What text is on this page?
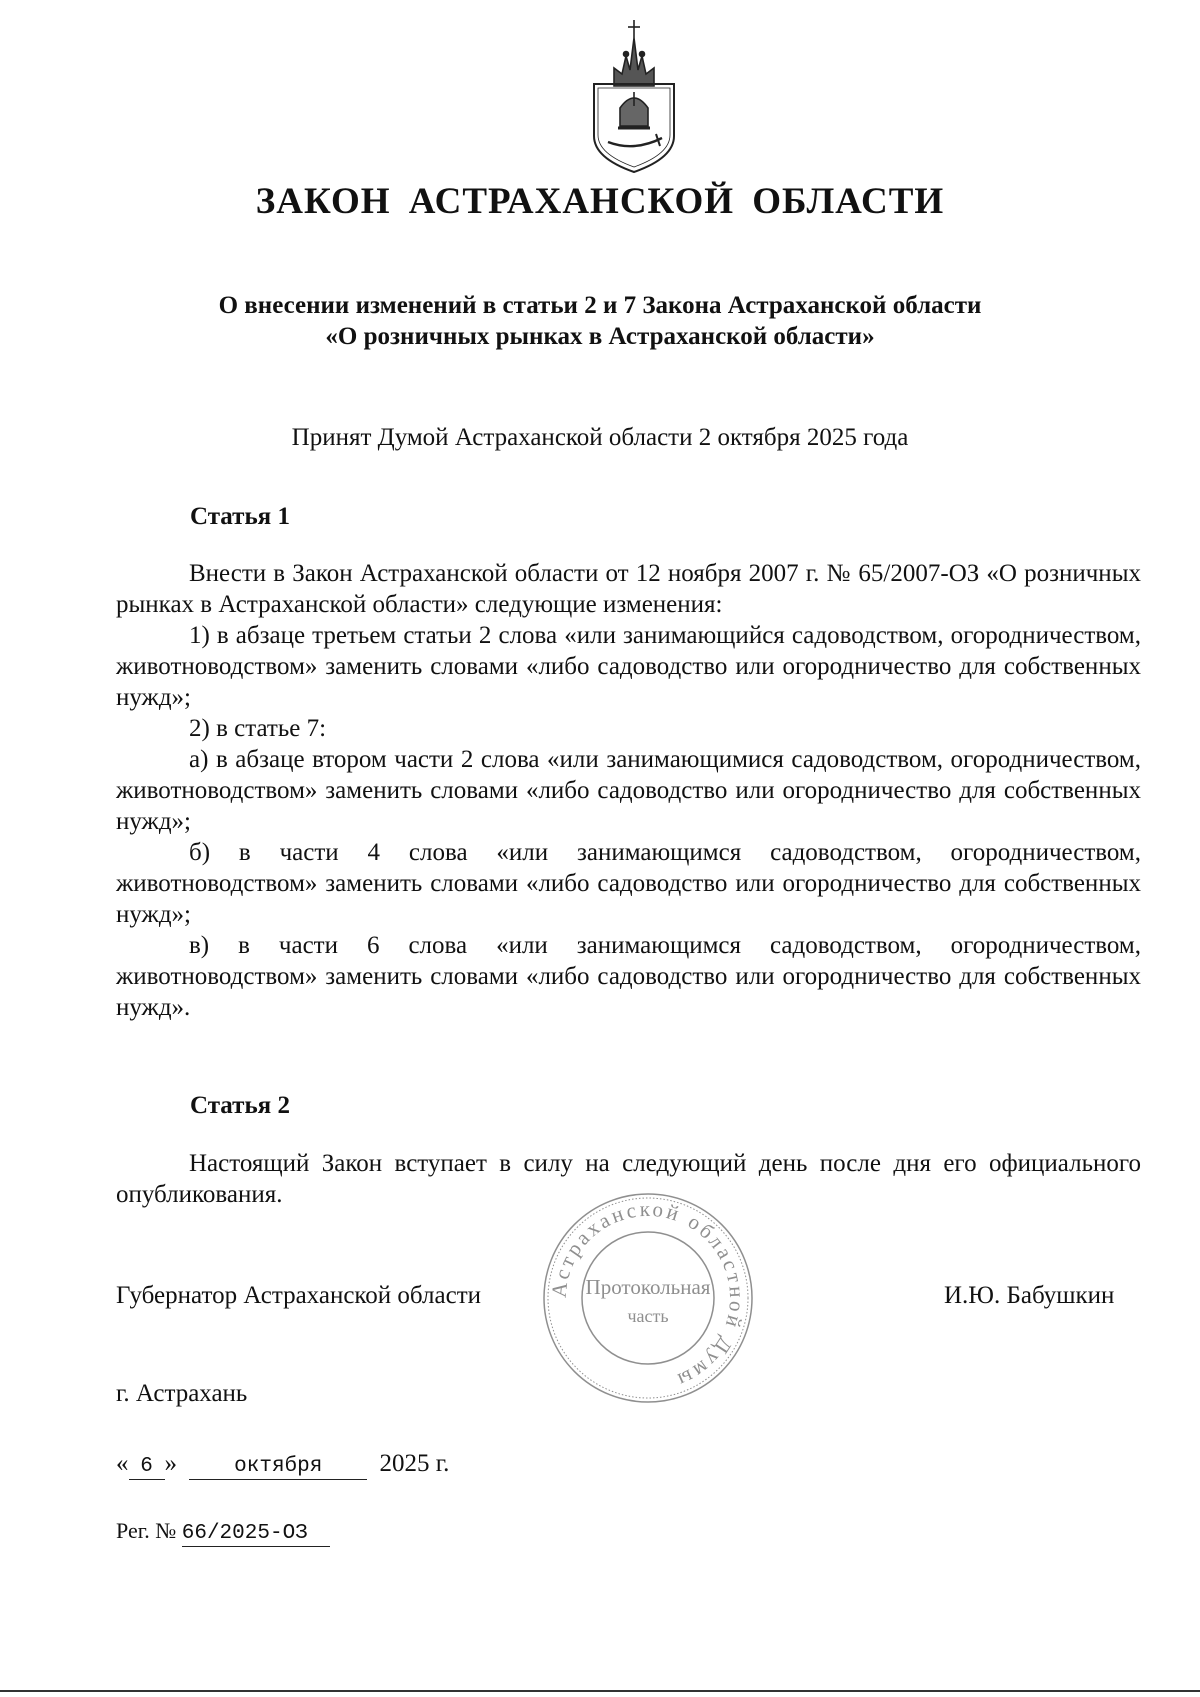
ЗАКОН АСТРАХАНСКОЙ ОБЛАСТИ
О внесении изменений в статьи 2 и 7 Закона Астраханской области
«О розничных рынках в Астраханской области»

Принят Думой Астраханской области 2 октября 2025 года

Статья 1

Внести в Закон Астраханской области от 12 ноября 2007 г. № 65/2007-ОЗ «О розничных рынках в Астраханской области» следующие изменения:

1) в абзаце третьем статьи 2 слова «или занимающийся садоводством, огородничеством, животноводством» заменить словами «либо садоводство или огородничество для собственных нужд»;

2) в статье 7:

а) в абзаце втором части 2 слова «или занимающимися садоводством, огородничеством, животноводством» заменить словами «либо садоводство или огородничество для собственных нужд»;

б) в части 4 слова «или занимающимся садоводством, огородничеством, животноводством» заменить словами «либо садоводство или огородничество для собственных нужд»;

в) в части 6 слова «или занимающимся садоводством, огородничеством, животноводством» заменить словами «либо садоводство или огородничество для собственных нужд».

Статья 2

Настоящий Закон вступает в силу на следующий день после дня его официального опубликования.

Астраханской областной Думы
Протокольная
часть
Губернатор Астраханской области	И.Ю. Бабушкин
г. Астрахань
« 6 »	октября 2025 г.
Рег. № 66/2025-ОЗ
